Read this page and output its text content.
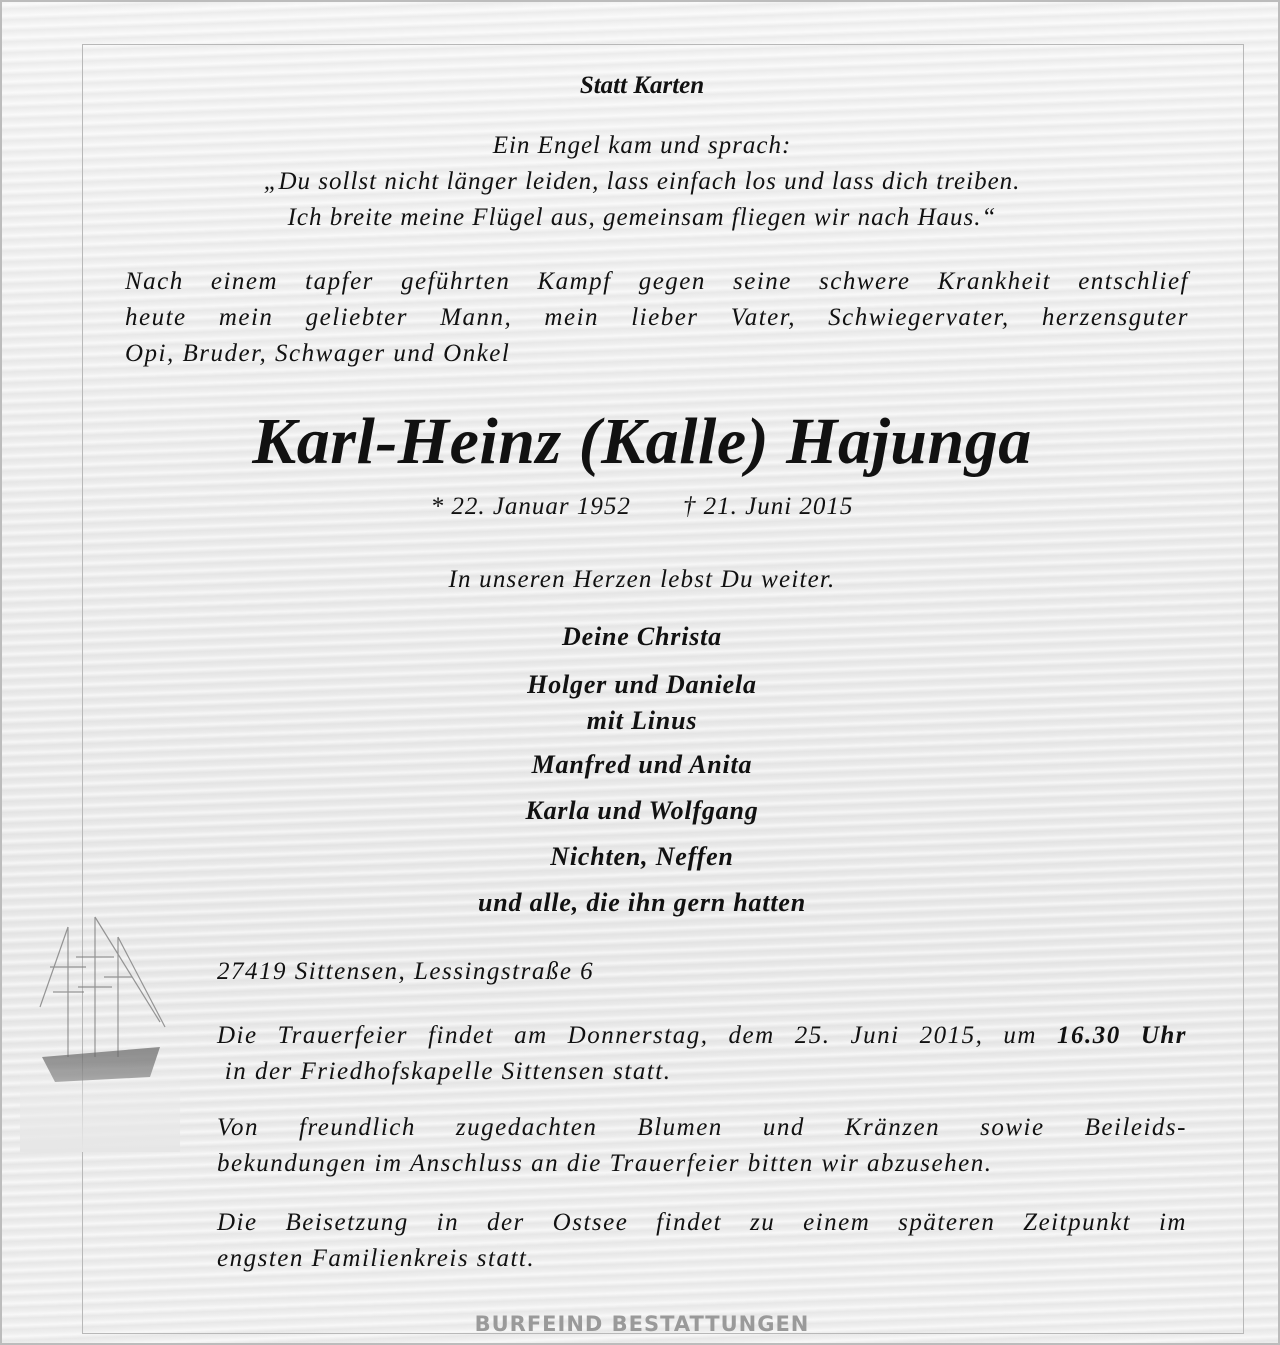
Statt Karten
Ein Engel kam und sprach:
„Du sollst nicht länger leiden, lass einfach los und lass dich treiben.
Ich breite meine Flügel aus, gemeinsam fliegen wir nach Haus.“
Nach einem tapfer geführten Kampf gegen seine schwere Krankheit entschlief
heute mein geliebter Mann, mein lieber Vater, Schwiegervater, herzensguter
Opi, Bruder, Schwager und Onkel
Karl-Heinz (Kalle) Hajunga
* 22. Januar 1952 † 21. Juni 2015
In unseren Herzen lebst Du weiter.
Deine Christa
Holger und Daniela
mit Linus
Manfred und Anita
Karla und Wolfgang
Nichten, Neffen
und alle, die ihn gern hatten
27419 Sittensen, Lessingstraße 6
Die Trauerfeier findet am Donnerstag, dem 25. Juni 2015, um 16.30 Uhr
in der Friedhofskapelle Sittensen statt.
Von freundlich zugedachten Blumen und Kränzen sowie Beileids-
bekundungen im Anschluss an die Trauerfeier bitten wir abzusehen.
Die Beisetzung in der Ostsee findet zu einem späteren Zeitpunkt im
engsten Familienkreis statt.
BURFEIND BESTATTUNGEN
